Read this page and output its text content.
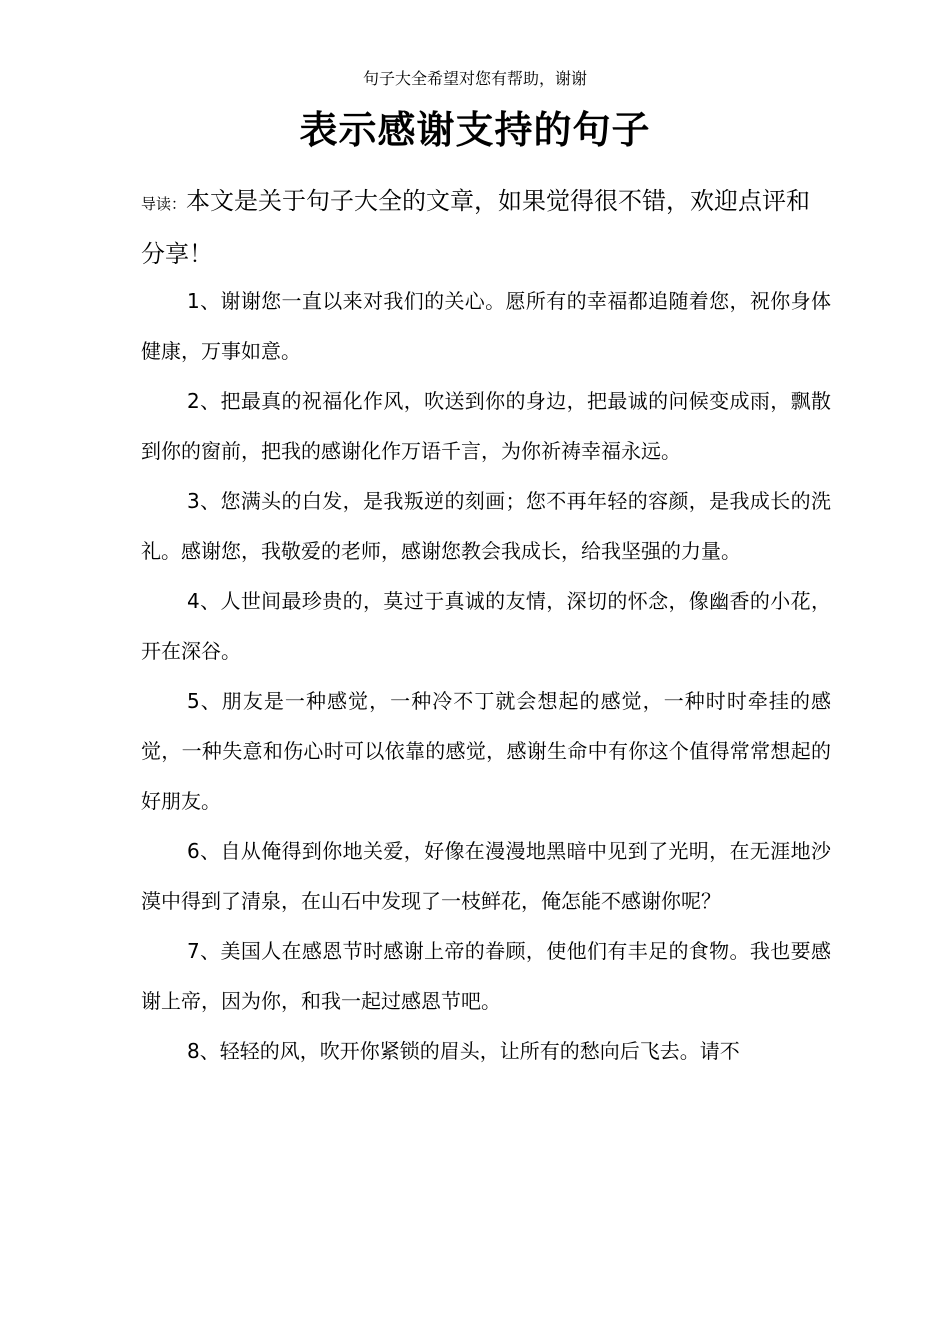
句子大全希望对您有帮助，谢谢
表示感谢支持的句子
导读：本文是关于句子大全的文章，如果觉得很不错，欢迎点评和分享！

1、谢谢您一直以来对我们的关心。愿所有的幸福都追随着您，祝你身体健康，万事如意。

2、把最真的祝福化作风，吹送到你的身边，把最诚的问候变成雨，飘散到你的窗前，把我的感谢化作万语千言，为你祈祷幸福永远。

3、您满头的白发，是我叛逆的刻画；您不再年轻的容颜，是我成长的洗礼。感谢您，我敬爱的老师，感谢您教会我成长，给我坚强的力量。

4、人世间最珍贵的，莫过于真诚的友情，深切的怀念，像幽香的小花，开在深谷。

5、朋友是一种感觉，一种冷不丁就会想起的感觉，一种时时牵挂的感觉，一种失意和伤心时可以依靠的感觉，感谢生命中有你这个值得常常想起的好朋友。

6、自从俺得到你地关爱，好像在漫漫地黑暗中见到了光明，在无涯地沙漠中得到了清泉，在山石中发现了一枝鲜花，俺怎能不感谢你呢？

7、美国人在感恩节时感谢上帝的眷顾，使他们有丰足的食物。我也要感谢上帝，因为你，和我一起过感恩节吧。

8、轻轻的风，吹开你紧锁的眉头，让所有的愁向后飞去。请不
